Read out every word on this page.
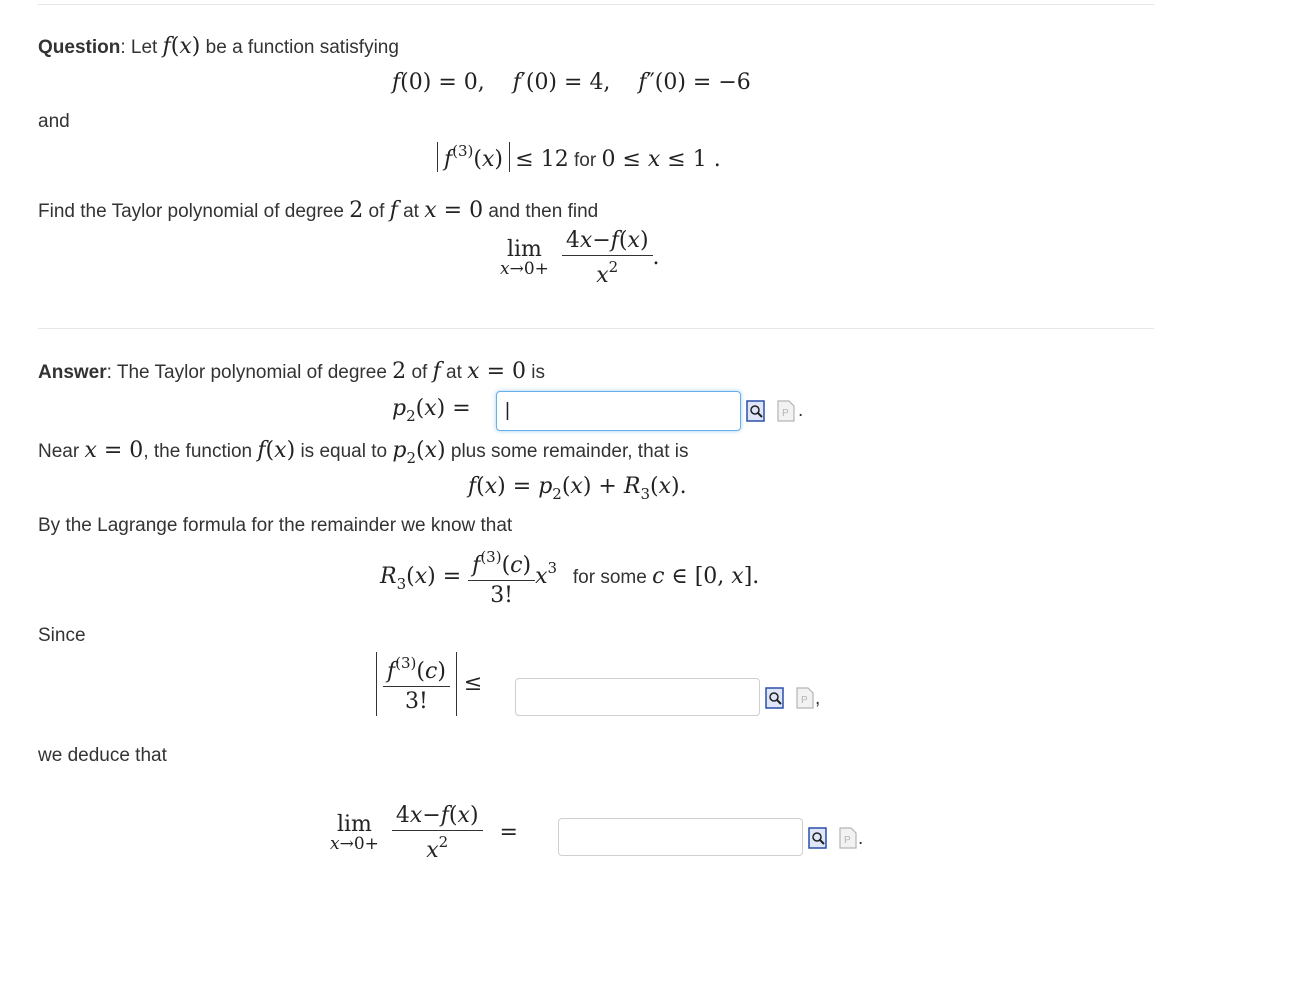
Question: Let f(x) be a function satisfying
f(0) = 0,    f′(0) = 4,    f″(0) = −6
and
$f^{(3)}(x) \le 12$ for 0 ≤ x ≤ 1 .
Find the Taylor polynomial of degree 2 of f at x = 0 and then find
lim
x→0+
$\frac{4x-f(x)}{x^2}$ .
Answer: The Taylor polynomial of degree 2 of f at x = 0 is
$p_2(x)$ =
|	P .
Near x = 0, the function f(x) is equal to $p_2(x)$ plus some remainder, that is
$f(x) = p_2(x) + R_3(x)$.
By the Lagrange formula for the remainder we know that
$R_3(x) = \frac{f^{(3)}(c)}{3!} x^3$ for some c ∈ [0, x].
Since
$\frac{f^{(3)}(c)}{3!}$ ≤
P ,
we deduce that
lim
x→0+
$\frac{4x-f(x)}{x^2}$ =	P .
